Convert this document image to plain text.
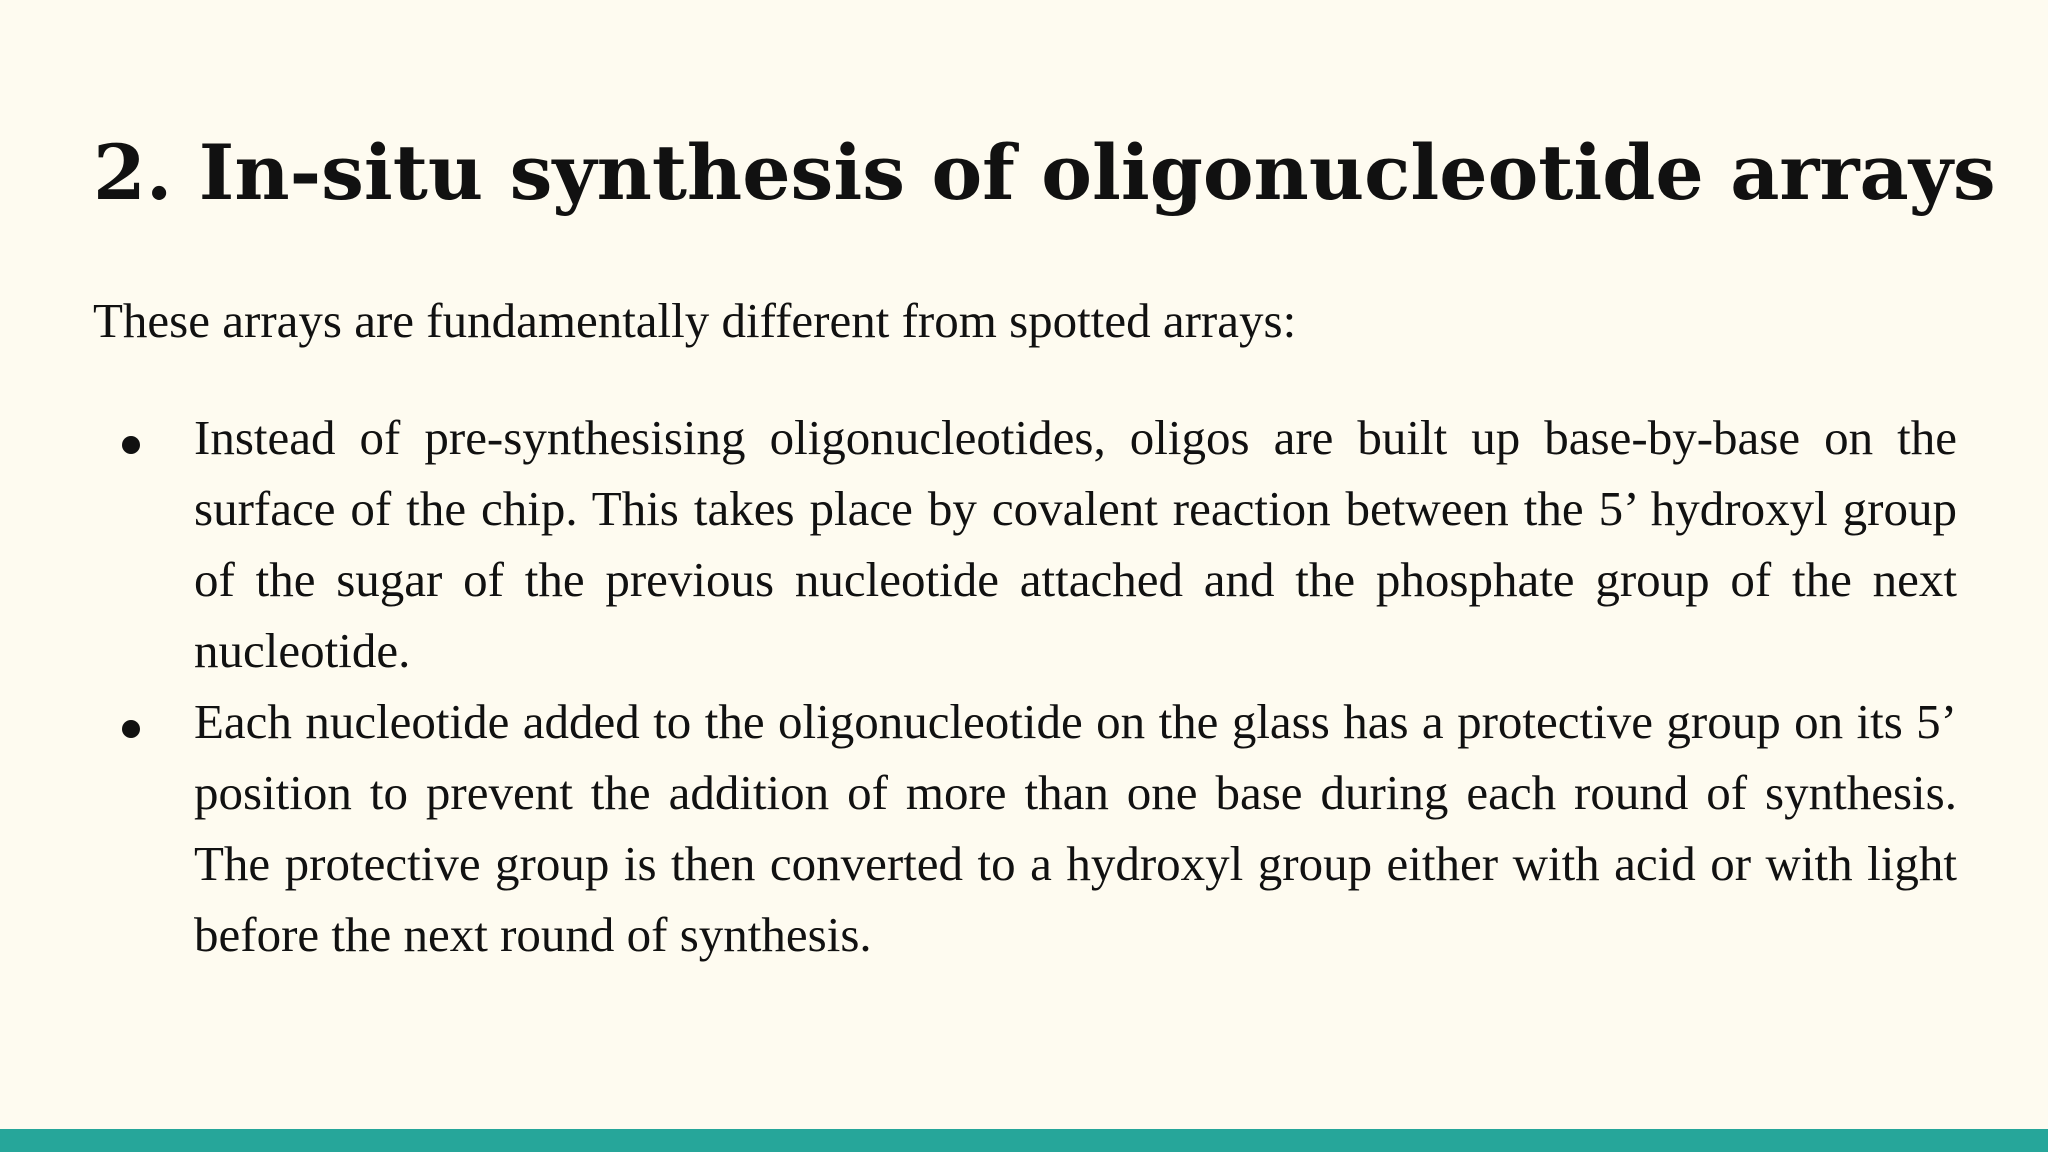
2. In-situ synthesis of oligonucleotide arrays

These arrays are fundamentally different from spotted arrays:

Instead of pre-synthesising oligonucleotides, oligos are built up base-by-base on the surface of the chip. This takes place by covalent reaction between the 5’ hydroxyl group of the sugar of the previous nucleotide attached and the phosphate group of the next nucleotide.
Each nucleotide added to the oligonucleotide on the glass has a protective group on its 5’ position to prevent the addition of more than one base during each round of synthesis. The protective group is then converted to a hydroxyl group either with acid or with light before the next round of synthesis.
